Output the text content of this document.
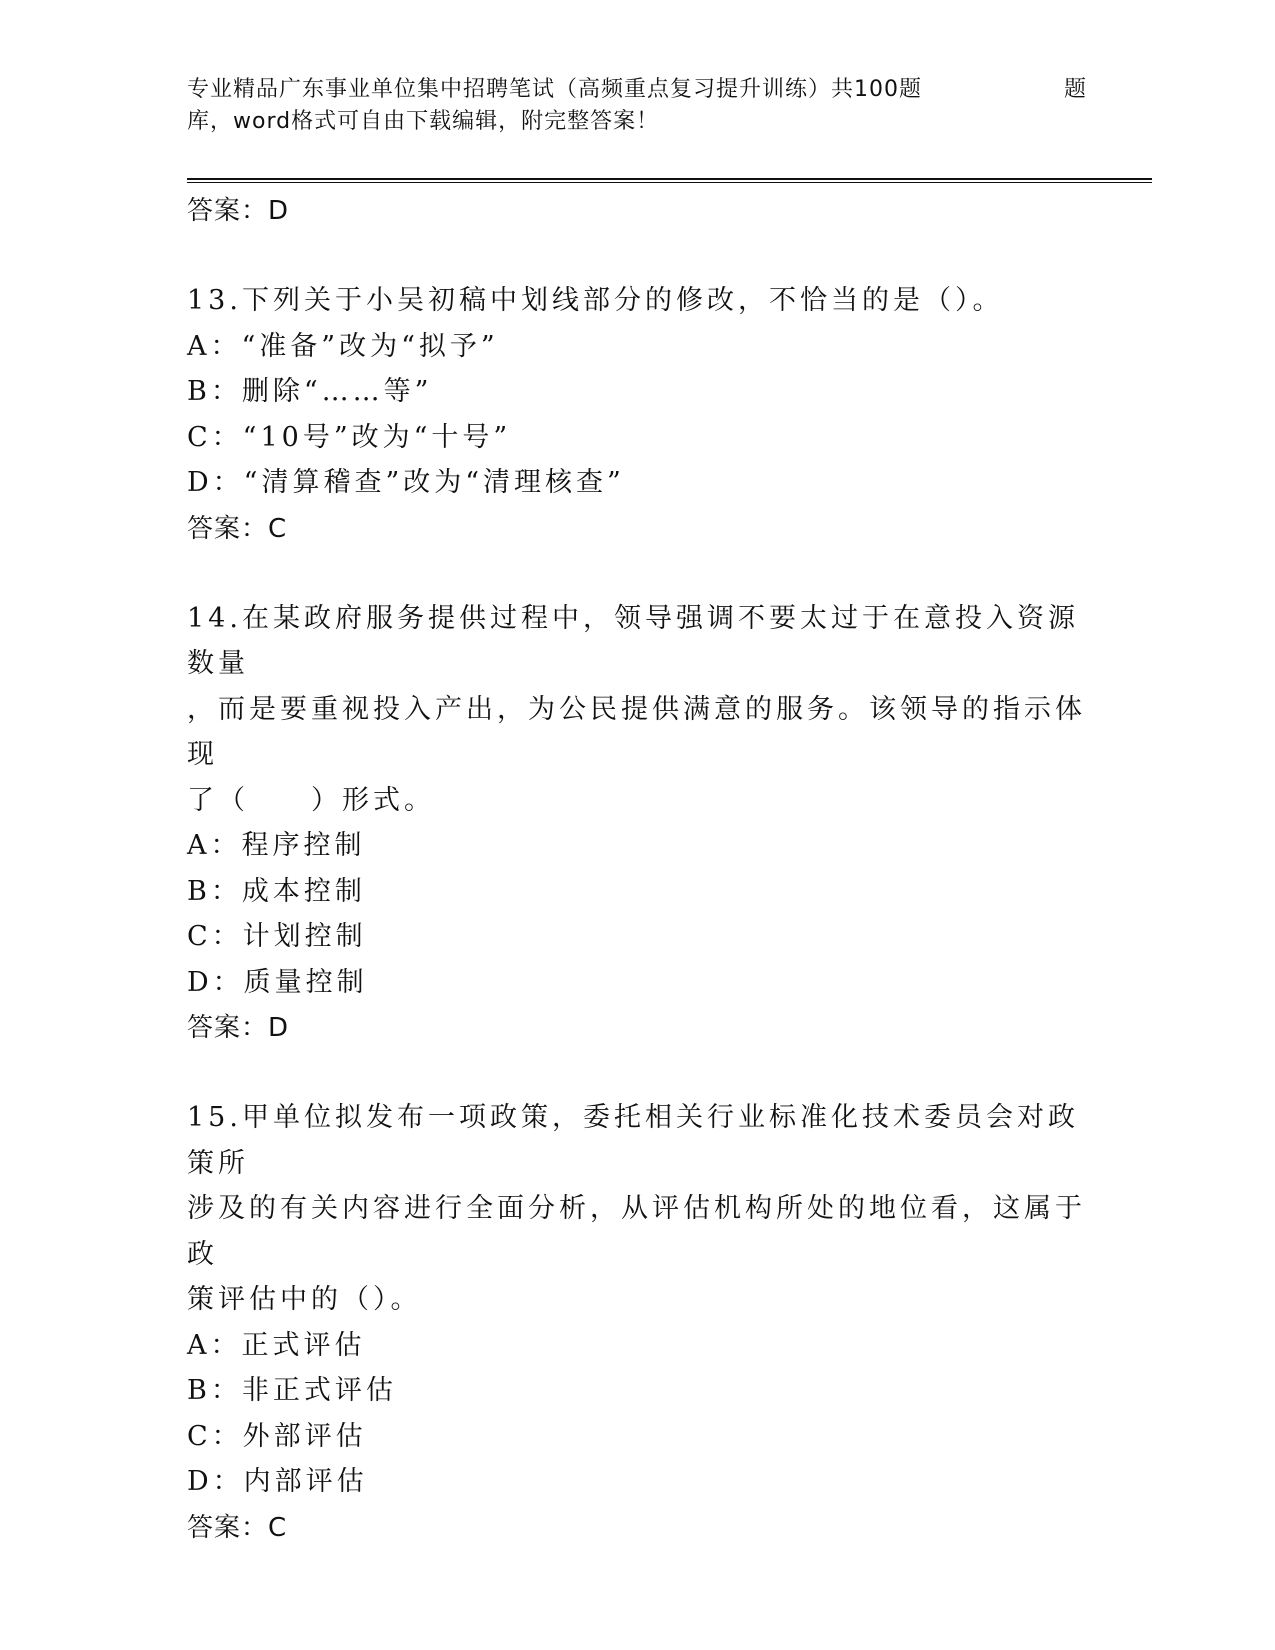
专业精品广东事业单位集中招聘笔试（高频重点复习提升训练）共100题	题
库，word格式可自由下载编辑，附完整答案！
答案：D
13.下列关于小吴初稿中划线部分的修改，不恰当的是（）。
A：“准备”改为“拟予”
B：删除“……等”
C：“10号”改为“十号”
D：“清算稽查”改为“清理核查”
答案：C
14.在某政府服务提供过程中，领导强调不要太过于在意投入资源数量
，而是要重视投入产出，为公民提供满意的服务。该领导的指示体现
了（　　）形式。
A：程序控制
B：成本控制
C：计划控制
D：质量控制
答案：D
15.甲单位拟发布一项政策，委托相关行业标准化技术委员会对政策所
涉及的有关内容进行全面分析，从评估机构所处的地位看，这属于政
策评估中的（）。
A：正式评估
B：非正式评估
C：外部评估
D：内部评估
答案：C
